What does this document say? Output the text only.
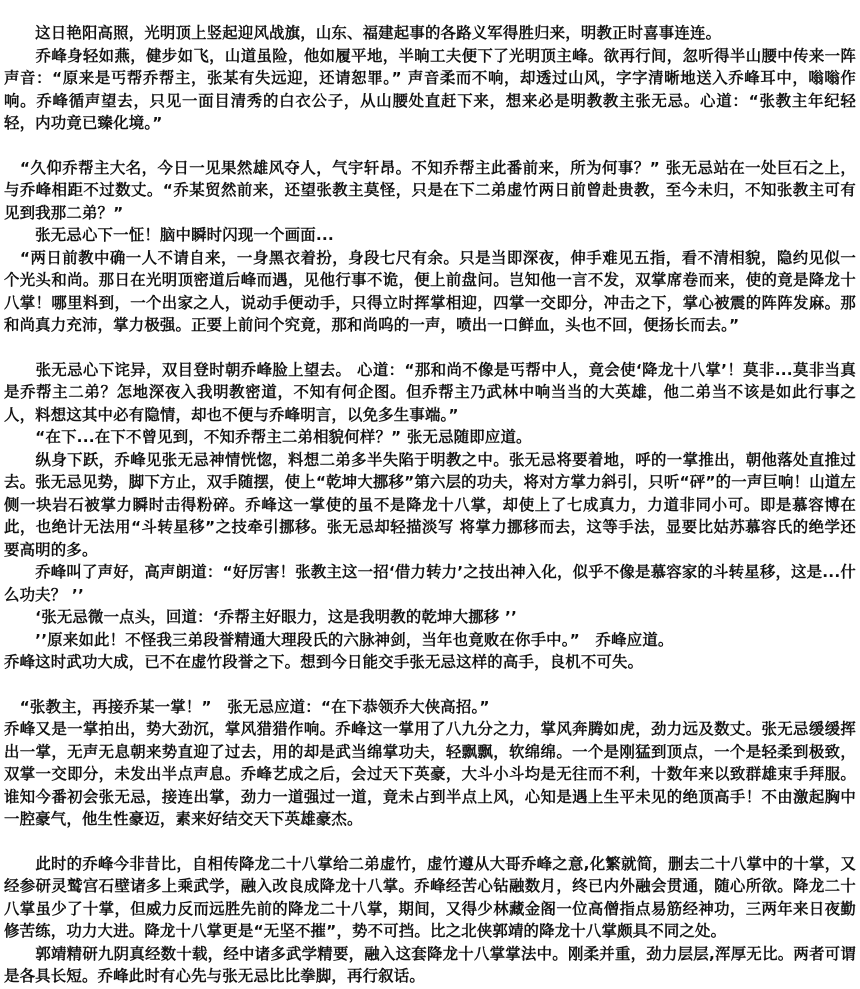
　　这日艳阳高照，光明顶上竖起迎风战旗，山东、福建起事的各路义军得胜归来，明教正时喜事连连。

　　乔峰身轻如燕，健步如飞，山道虽险，他如履平地，半晌工夫便下了光明顶主峰。欲再行间，忽听得半山腰中传来一阵声音：“原来是丐帮乔帮主，张某有失远迎，还请恕罪。” 声音柔而不响，却透过山风，字字清晰地送入乔峰耳中，嗡嗡作响。乔峰循声望去，只见一面目清秀的白衣公子，从山腰处直赶下来，想来必是明教教主张无忌。心道：“张教主年纪轻轻，内功竟已臻化境。”

　“久仰乔帮主大名，今日一见果然雄风夺人，气宇轩昂。不知乔帮主此番前来，所为何事？” 张无忌站在一处巨石之上，与乔峰相距不过数丈。“乔某贸然前来，还望张教主莫怪，只是在下二弟虚竹两日前曾赴贵教，至今未归，不知张教主可有见到我那二弟？”

　　张无忌心下一怔！脑中瞬时闪现一个画面...

　“两日前教中确一人不请自来，一身黑衣着扮，身段七尺有余。只是当即深夜，伸手难见五指，看不清相貌，隐约见似一个光头和尚。那日在光明顶密道后峰而遇，见他行事不诡，便上前盘问。岂知他一言不发，双掌席卷而来，使的竟是降龙十八掌！哪里料到，一个出家之人，说动手便动手，只得立时挥掌相迎，四掌一交即分，冲击之下，掌心被震的阵阵发麻。那和尚真力充沛，掌力极强。正要上前问个究竟，那和尚呜的一声，喷出一口鲜血，头也不回，便扬长而去。”

　　张无忌心下诧异，双目登时朝乔峰脸上望去。 心道：“那和尚不像是丐帮中人，竟会使‘降龙十八掌’！莫非...莫非当真是乔帮主二弟？怎地深夜入我明教密道，不知有何企图。但乔帮主乃武林中响当当的大英雄，他二弟当不该是如此行事之人，料想这其中必有隐情，却也不便与乔峰明言，以免多生事端。”

　　“在下...在下不曾见到，不知乔帮主二弟相貌何样？” 张无忌随即应道。

　　纵身下跃，乔峰见张无忌神情恍惚，料想二弟多半失陷于明教之中。张无忌将要着地，呼的一掌推出，朝他落处直推过去。张无忌见势，脚下方止，双手随摆，使上“乾坤大挪移”第六层的功夫，将对方掌力斜引，只听“砰”的一声巨响！山道左侧一块岩石被掌力瞬时击得粉碎。乔峰这一掌使的虽不是降龙十八掌，却使上了七成真力，力道非同小可。即是慕容博在此，也绝计无法用“斗转星移”之技牵引挪移。张无忌却轻描淡写 将掌力挪移而去，这等手法，显要比姑苏慕容氏的绝学还要高明的多。

　　乔峰叫了声好，高声朗道：“好厉害！张教主这一招‘借力转力’之技出神入化，似乎不像是慕容家的斗转星移，这是...什么功夫？ ’’

　　‘张无忌微一点头，回道：‘乔帮主好眼力，这是我明教的乾坤大挪移 ’’

　　’’原来如此！不怪我三弟段誉精通大理段氏的六脉神剑，当年也竟败在你手中。”　乔峰应道。

乔峰这时武功大成，已不在虚竹段誉之下。想到今日能交手张无忌这样的高手，良机不可失。

　“张教主，再接乔某一掌！”　张无忌应道：“在下恭领乔大侠高招。”

乔峰又是一掌拍出，势大劲沉，掌风猎猎作响。乔峰这一掌用了八九分之力，掌风奔腾如虎，劲力远及数丈。张无忌缓缓挥出一掌，无声无息朝来势直迎了过去，用的却是武当绵掌功夫，轻飘飘，软绵绵。一个是刚猛到顶点，一个是轻柔到极致，双掌一交即分，未发出半点声息。乔峰艺成之后，会过天下英豪，大斗小斗均是无往而不利，十数年来以致群雄束手拜服。谁知今番初会张无忌，接连出掌，劲力一道强过一道，竟未占到半点上风，心知是遇上生平未见的绝顶高手！不由激起胸中一腔豪气，他生性豪迈，素来好结交天下英雄豪杰。

　　此时的乔峰今非昔比，自相传降龙二十八掌给二弟虚竹，虚竹遵从大哥乔峰之意,化繁就简，删去二十八掌中的十掌，又经参研灵鹫宫石壁诸多上乘武学，融入改良成降龙十八掌。乔峰经苦心钻融数月，终已内外融会贯通，随心所欲。降龙二十八掌虽少了十掌，但威力反而远胜先前的降龙二十八掌，期间，又得少林藏金阁一位高僧指点易筋经神功，三两年来日夜勤修苦练，功力大进。降龙十八掌更是“无坚不摧”，势不可挡。比之北侠郭靖的降龙十八掌颇具不同之处。

　　郭靖精研九阴真经数十载，经中诸多武学精要，融入这套降龙十八掌掌法中。刚柔并重，劲力层层,浑厚无比。两者可谓是各具长短。乔峰此时有心先与张无忌比比拳脚，再行叙话。
